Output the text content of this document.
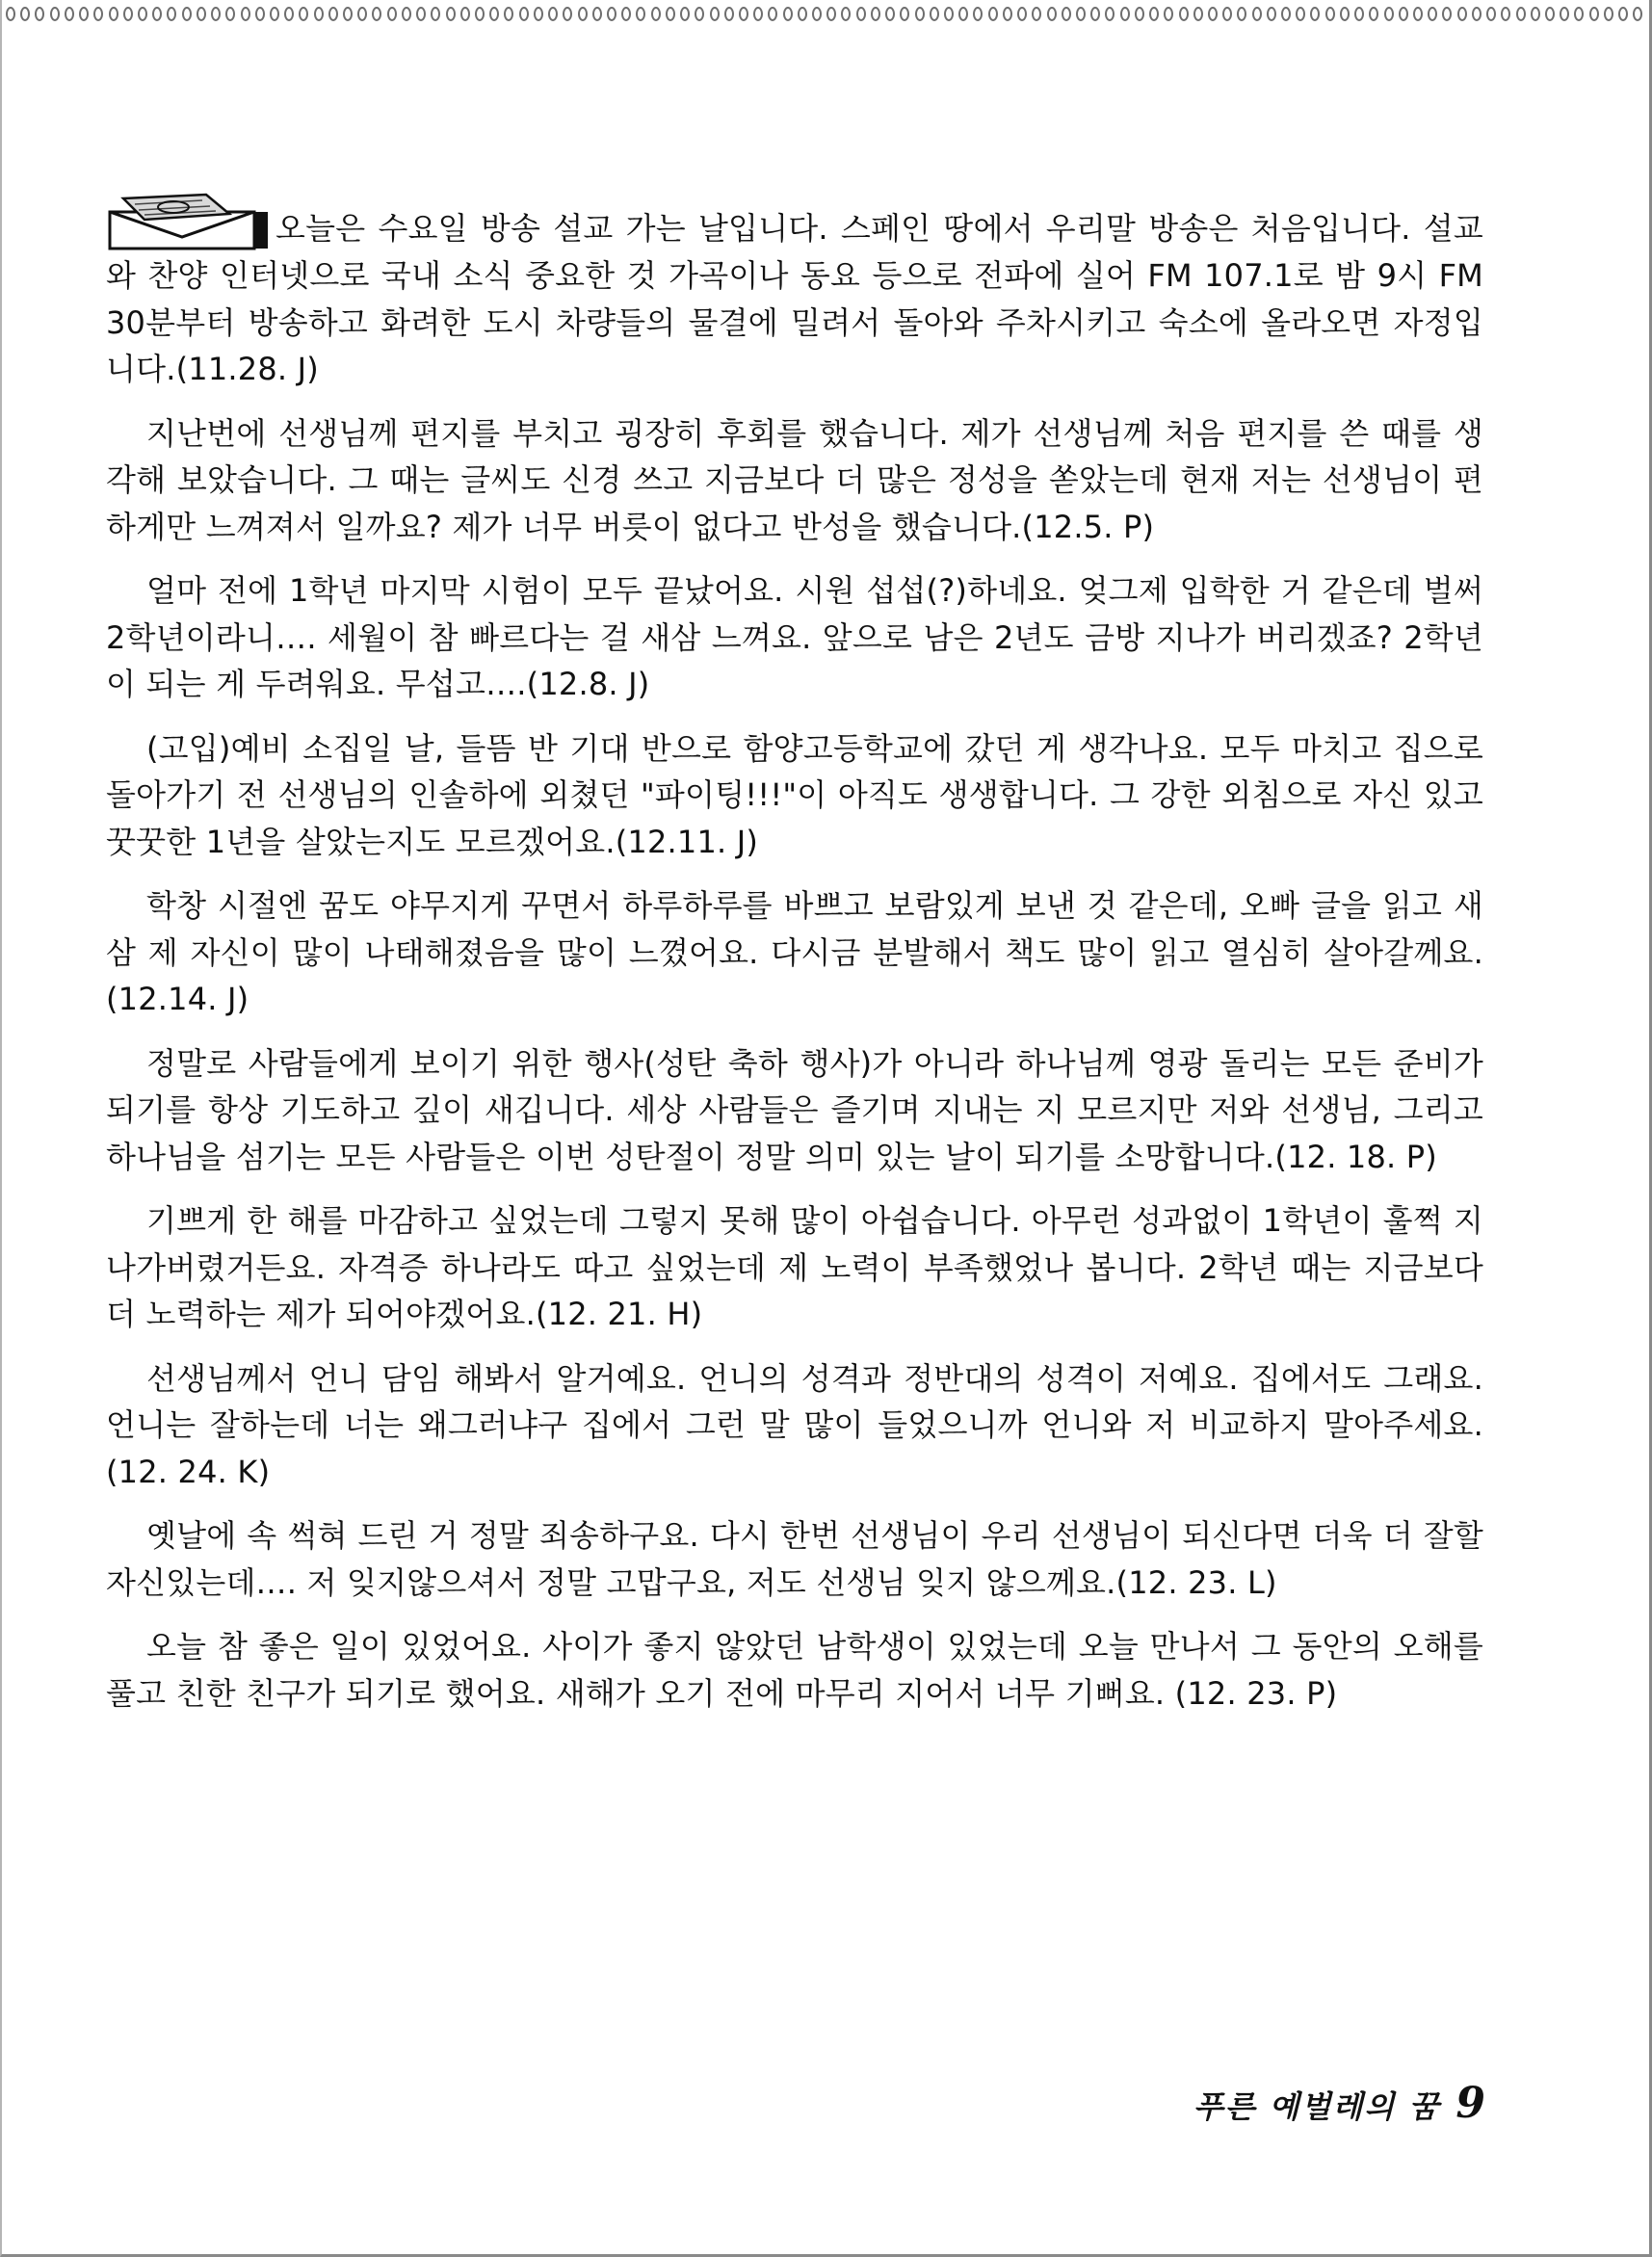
오늘은 수요일 방송 설교 가는 날입니다. 스페인 땅에서 우리말 방송은 처음입니다. 설교와 찬양 인터넷으로 국내 소식 중요한 것 가곡이나 동요 등으로 전파에 실어 FM 107.1로 밤 9시 FM 30분부터 방송하고 화려한 도시 차량들의 물결에 밀려서 돌아와 주차시키고 숙소에 올라오면 자정입니다.(11.28. J)

지난번에 선생님께 편지를 부치고 굉장히 후회를 했습니다. 제가 선생님께 처음 편지를 쓴 때를 생각해 보았습니다. 그 때는 글씨도 신경 쓰고 지금보다 더 많은 정성을 쏟았는데 현재 저는 선생님이 편하게만 느껴져서 일까요? 제가 너무 버릇이 없다고 반성을 했습니다.(12.5. P)

얼마 전에 1학년 마지막 시험이 모두 끝났어요. 시원 섭섭(?)하네요. 엊그제 입학한 거 같은데 벌써 2학년이라니…. 세월이 참 빠르다는 걸 새삼 느껴요. 앞으로 남은 2년도 금방 지나가 버리겠죠? 2학년이 되는 게 두려워요. 무섭고….(12.8. J)

(고입)예비 소집일 날, 들뜸 반 기대 반으로 함양고등학교에 갔던 게 생각나요. 모두 마치고 집으로 돌아가기 전 선생님의 인솔하에 외쳤던 "파이팅!!!"이 아직도 생생합니다. 그 강한 외침으로 자신 있고 꿋꿋한 1년을 살았는지도 모르겠어요.(12.11. J)

학창 시절엔 꿈도 야무지게 꾸면서 하루하루를 바쁘고 보람있게 보낸 것 같은데, 오빠 글을 읽고 새삼 제 자신이 많이 나태해졌음을 많이 느꼈어요. 다시금 분발해서 책도 많이 읽고 열심히 살아갈께요.(12.14. J)

정말로 사람들에게 보이기 위한 행사(성탄 축하 행사)가 아니라 하나님께 영광 돌리는 모든 준비가 되기를 항상 기도하고 깊이 새깁니다. 세상 사람들은 즐기며 지내는 지 모르지만 저와 선생님, 그리고 하나님을 섬기는 모든 사람들은 이번 성탄절이 정말 의미 있는 날이 되기를 소망합니다.(12. 18. P)

기쁘게 한 해를 마감하고 싶었는데 그렇지 못해 많이 아쉽습니다. 아무런 성과없이 1학년이 훌쩍 지나가버렸거든요. 자격증 하나라도 따고 싶었는데 제 노력이 부족했었나 봅니다. 2학년 때는 지금보다 더 노력하는 제가 되어야겠어요.(12. 21. H)

선생님께서 언니 담임 해봐서 알거예요. 언니의 성격과 정반대의 성격이 저예요. 집에서도 그래요. 언니는 잘하는데 너는 왜그러냐구 집에서 그런 말 많이 들었으니까 언니와 저 비교하지 말아주세요.(12. 24. K)

옛날에 속 썩혀 드린 거 정말 죄송하구요. 다시 한번 선생님이 우리 선생님이 되신다면 더욱 더 잘할 자신있는데…. 저 잊지않으셔서 정말 고맙구요, 저도 선생님 잊지 않으께요.(12. 23. L)

오늘 참 좋은 일이 있었어요. 사이가 좋지 않았던 남학생이 있었는데 오늘 만나서 그 동안의 오해를 풀고 친한 친구가 되기로 했어요. 새해가 오기 전에 마무리 지어서 너무 기뻐요. (12. 23. P)

푸른 예벌레의 꿈 9
